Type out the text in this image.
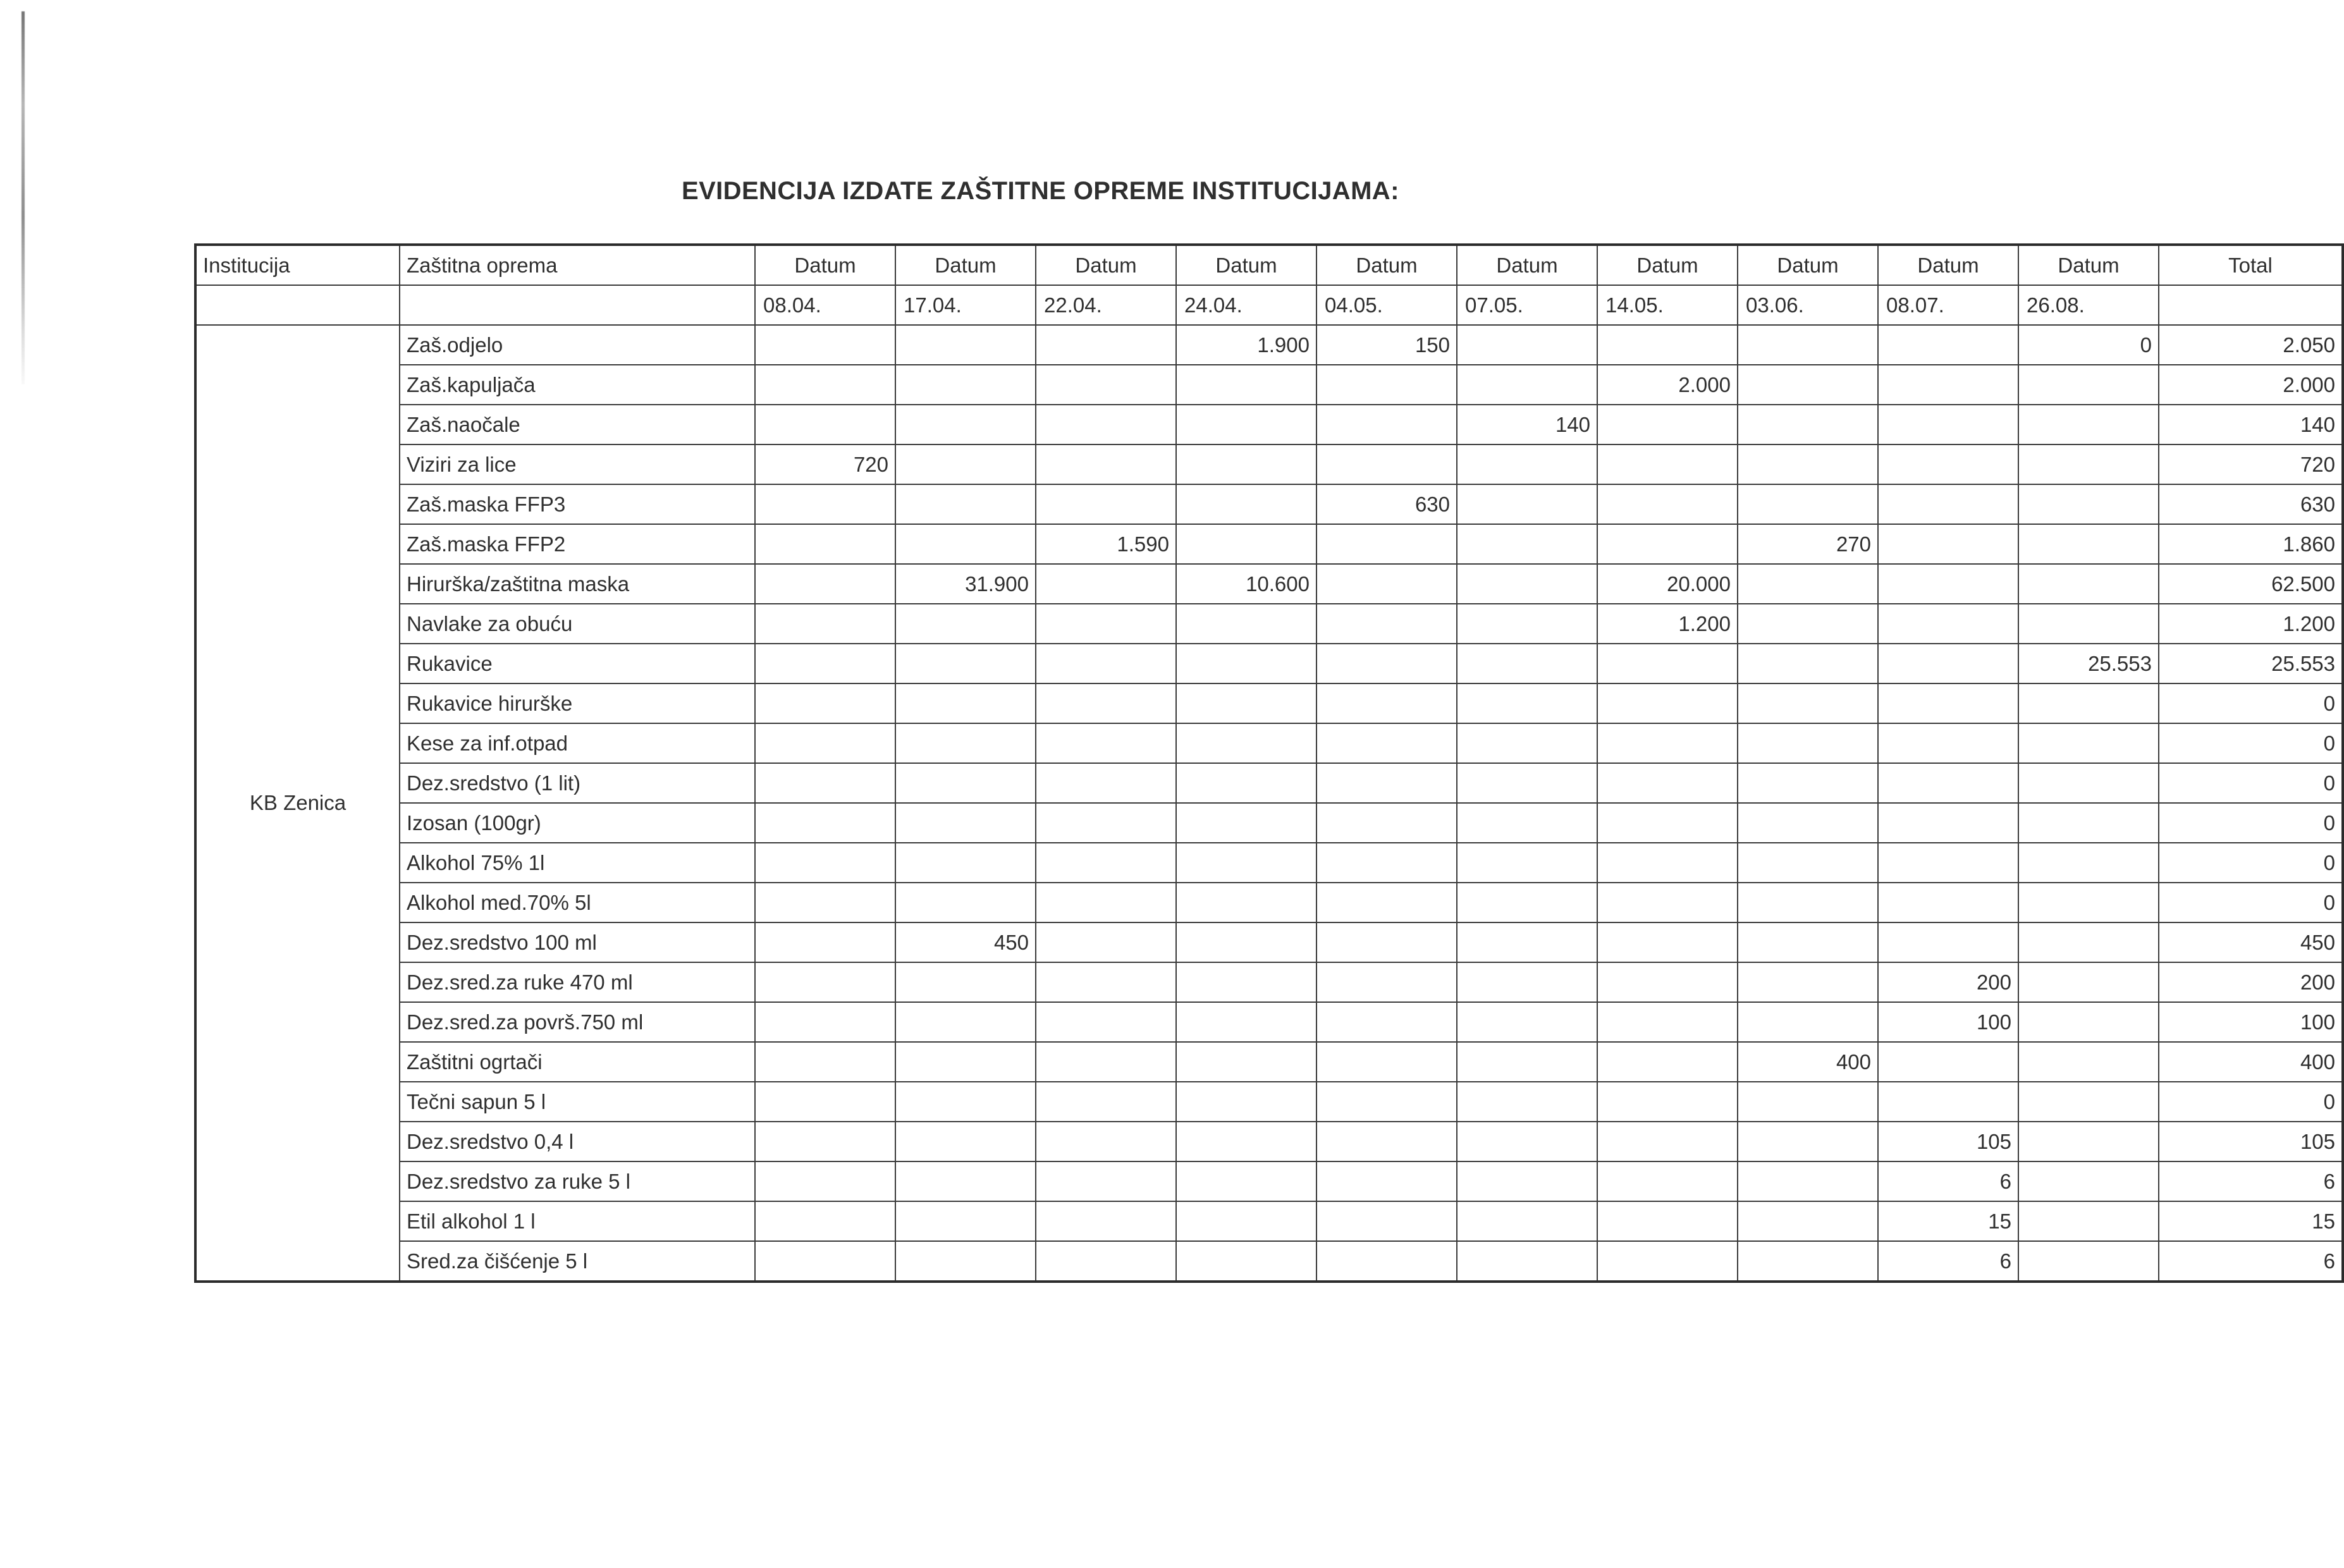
EVIDENCIJA IZDATE ZAŠTITNE OPREME INSTITUCIJAMA:
Institucija	Zaštitna oprema	Datum	Datum	Datum	Datum	Datum	Datum	Datum	Datum	Datum	Datum	Total
		08.04.	17.04.	22.04.	24.04.	04.05.	07.05.	14.05.	03.06.	08.07.	26.08.	
KB Zenica	Zaš.odjelo				1.900	150					0	2.050
	Zaš.kapuljača							2.000				2.000
	Zaš.naočale						140					140
	Viziri za lice	720										720
	Zaš.maska FFP3					630						630
	Zaš.maska FFP2			1.590					270			1.860
	Hirurška/zaštitna maska		31.900		10.600			20.000				62.500
	Navlake za obuću							1.200				1.200
	Rukavice										25.553	25.553
	Rukavice hirurške											0
	Kese za inf.otpad											0
	Dez.sredstvo (1 lit)											0
	Izosan (100gr)											0
	Alkohol 75% 1l											0
	Alkohol med.70% 5l											0
	Dez.sredstvo 100 ml		450									450
	Dez.sred.za ruke 470 ml									200		200
	Dez.sred.za površ.750 ml									100		100
	Zaštitni ogrtači								400			400
	Tečni sapun 5 l											0
	Dez.sredstvo 0,4 l									105		105
	Dez.sredstvo za ruke 5 l									6		6
	Etil alkohol 1 l									15		15
	Sred.za čišćenje 5 l									6		6
